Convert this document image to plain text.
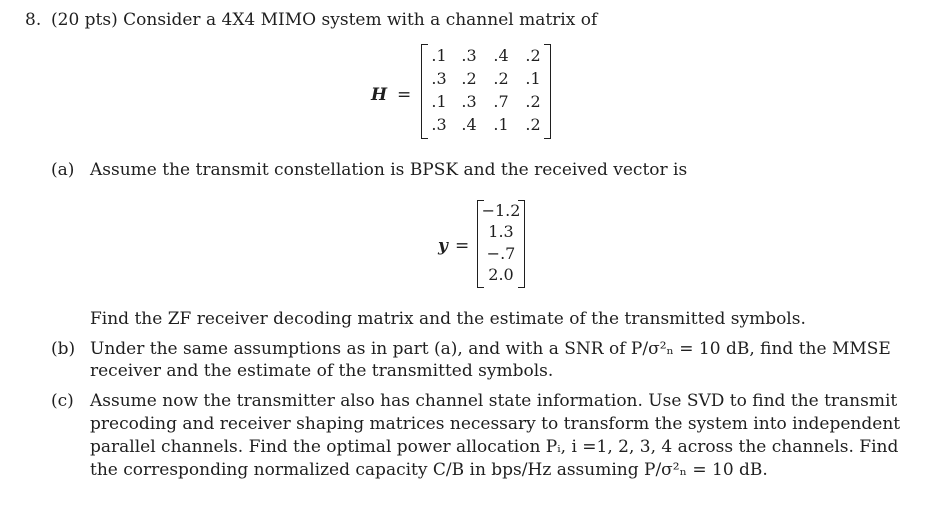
8. (20 pts) Consider a 4X4 MIMO system with a channel matrix of
H =
.1 .3	.4	.2
.3 .2	.2	.1
.1 .3	.7	.2
.3 .4	.1	.2
(a) Assume the transmit constellation is BPSK and the received vector is
y =
−1.2
1.3
−.7
2.0
Find the ZF receiver decoding matrix and the estimate of the transmitted symbols.
(b) Under the same assumptions as in part (a), and with a SNR of P/σ²ₙ = 10 dB, find the MMSE
receiver and the estimate of the transmitted symbols.
(c) Assume now the transmitter also has channel state information. Use SVD to find the transmit
precoding and receiver shaping matrices necessary to transform the system into independent
parallel channels. Find the optimal power allocation Pᵢ, i =1, 2, 3, 4 across the channels. Find
the corresponding normalized capacity C/B in bps/Hz assuming P/σ²ₙ = 10 dB.
